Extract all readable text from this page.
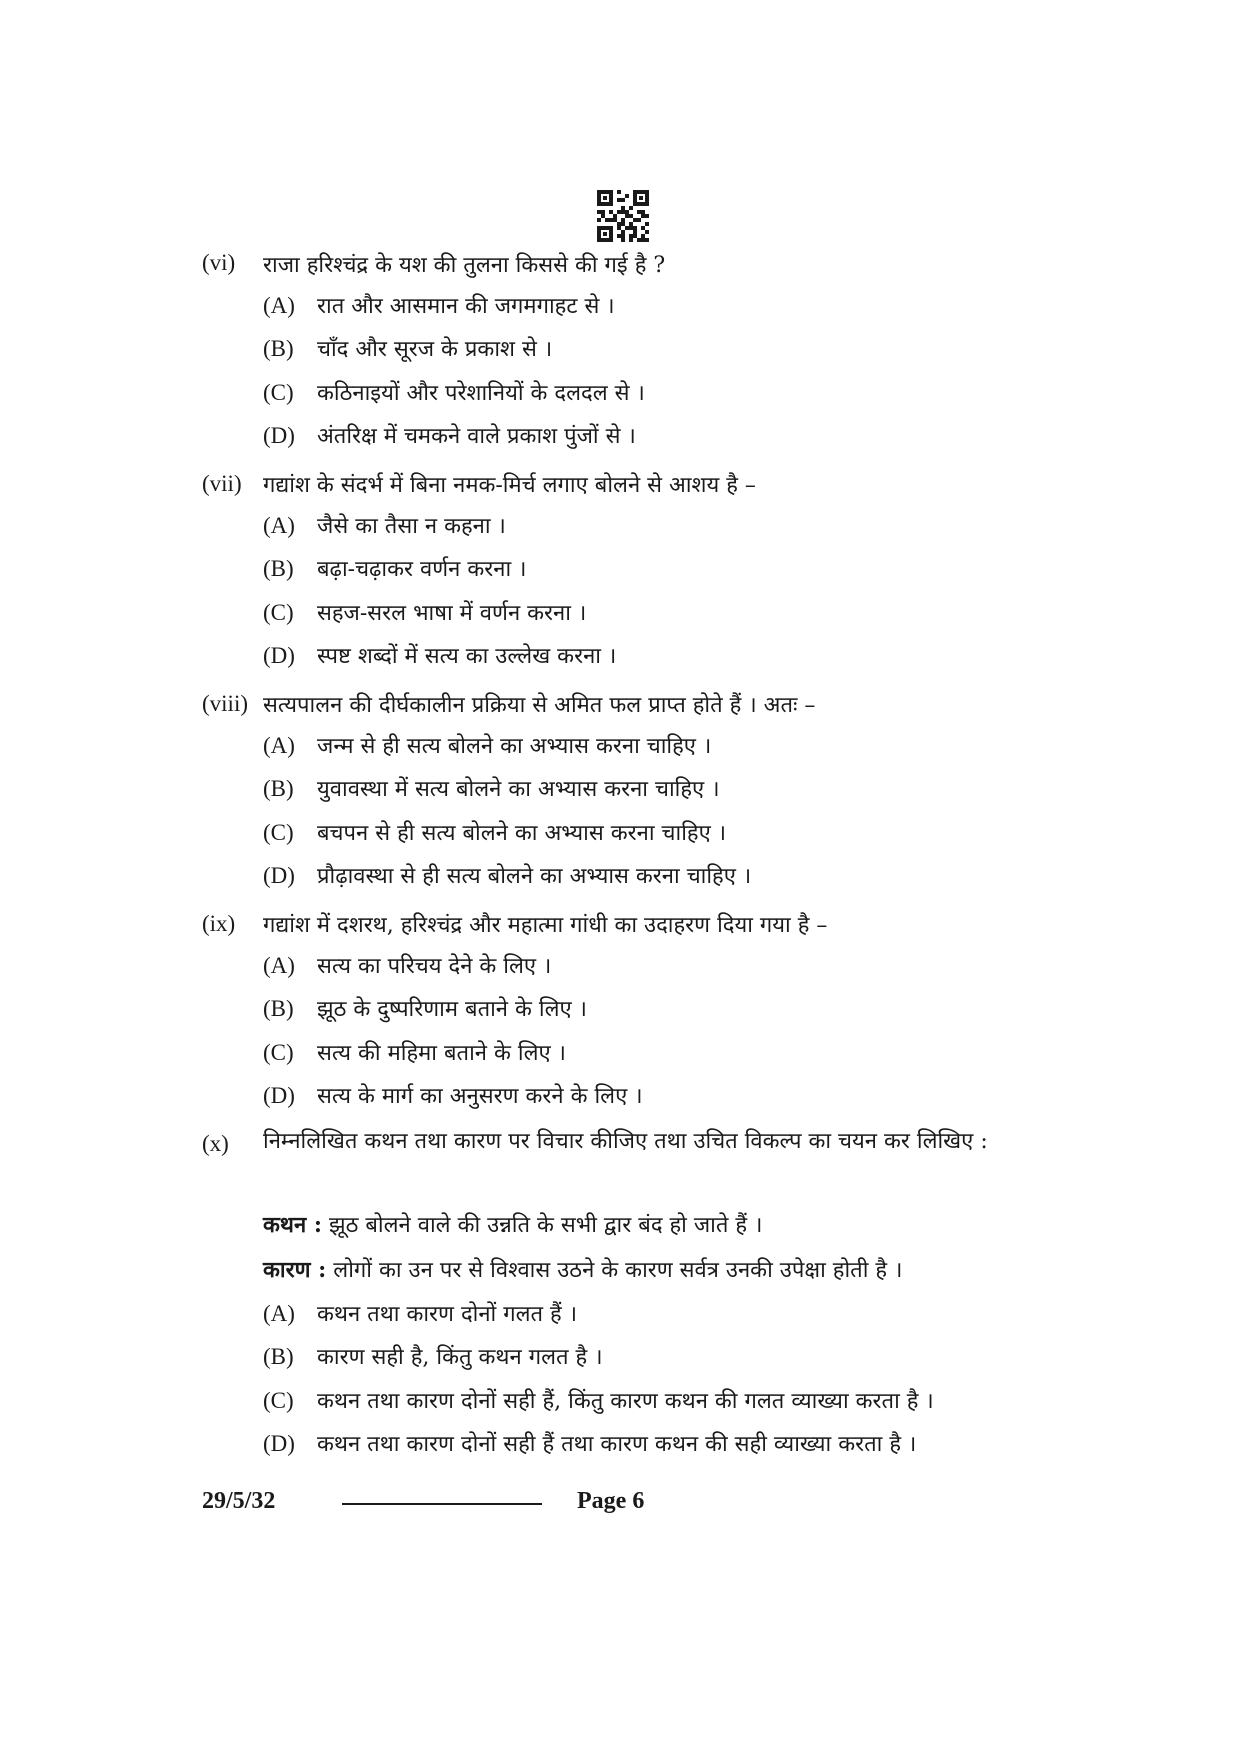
(vi) राजा हरिश्चंद्र के यश की तुलना किससे की गई है ?
(A) रात और आसमान की जगमगाहट से ।
(B) चाँद और सूरज के प्रकाश से ।
(C) कठिनाइयों और परेशानियों के दलदल से ।
(D) अंतरिक्ष में चमकने वाले प्रकाश पुंजों से ।
(vii) गद्यांश के संदर्भ में बिना नमक-मिर्च लगाए बोलने से आशय है –
(A) जैसे का तैसा न कहना ।
(B) बढ़ा-चढ़ाकर वर्णन करना ।
(C) सहज-सरल भाषा में वर्णन करना ।
(D) स्पष्ट शब्दों में सत्य का उल्लेख करना ।
(viii) सत्यपालन की दीर्घकालीन प्रक्रिया से अमित फल प्राप्त होते हैं । अतः –
(A) जन्म से ही सत्य बोलने का अभ्यास करना चाहिए ।
(B) युवावस्था में सत्य बोलने का अभ्यास करना चाहिए ।
(C) बचपन से ही सत्य बोलने का अभ्यास करना चाहिए ।
(D) प्रौढ़ावस्था से ही सत्य बोलने का अभ्यास करना चाहिए ।
(ix) गद्यांश में दशरथ, हरिश्चंद्र और महात्मा गांधी का उदाहरण दिया गया है –
(A) सत्य का परिचय देने के लिए ।
(B) झूठ के दुष्परिणाम बताने के लिए ।
(C) सत्य की महिमा बताने के लिए ।
(D) सत्य के मार्ग का अनुसरण करने के लिए ।
(x) निम्नलिखित कथन तथा कारण पर विचार कीजिए तथा उचित विकल्प का चयन कर लिखिए :
कथन : झूठ बोलने वाले की उन्नति के सभी द्वार बंद हो जाते हैं ।
कारण : लोगों का उन पर से विश्वास उठने के कारण सर्वत्र उनकी उपेक्षा होती है ।
(A) कथन तथा कारण दोनों गलत हैं ।
(B) कारण सही है, किंतु कथन गलत है ।
(C) कथन तथा कारण दोनों सही हैं, किंतु कारण कथन की गलत व्याख्या करता है ।
(D) कथन तथा कारण दोनों सही हैं तथा कारण कथन की सही व्याख्या करता है ।
29/5/32	Page 6
